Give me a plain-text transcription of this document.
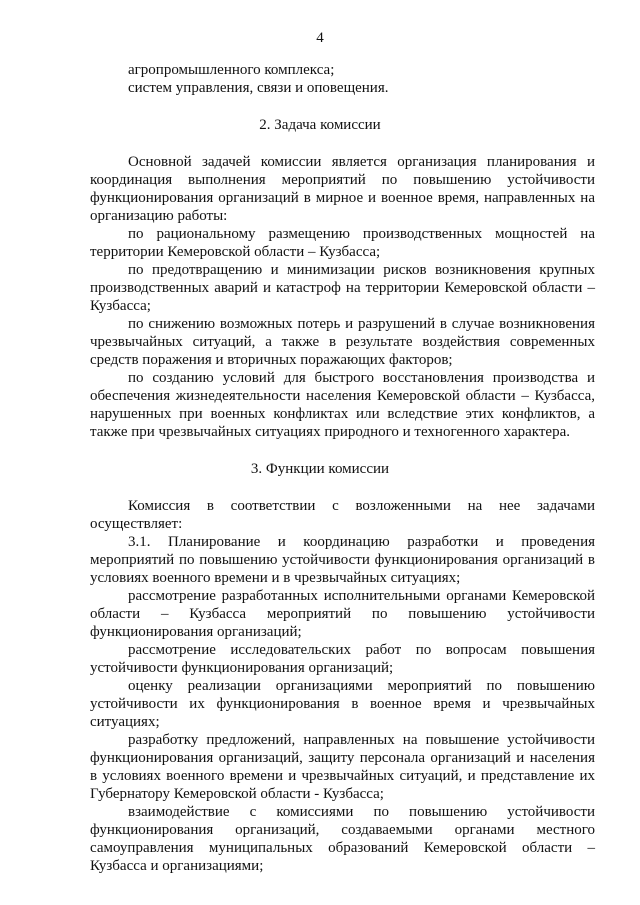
4
агропромышленного комплекса;
систем управления, связи и оповещения.
2. Задача комиссии
Основной задачей комиссии является организация планирования и
координация выполнения мероприятий по повышению устойчивости
функционирования организаций в мирное и военное время, направленных на
организацию работы:
по рациональному размещению производственных мощностей на
территории Кемеровской области – Кузбасса;
по предотвращению и минимизации рисков возникновения крупных
производственных аварий и катастроф на территории Кемеровской области –
Кузбасса;
по снижению возможных потерь и разрушений в случае возникновения
чрезвычайных ситуаций, а также в результате воздействия современных
средств поражения и вторичных поражающих факторов;
по созданию условий для быстрого восстановления производства и
обеспечения жизнедеятельности населения Кемеровской области – Кузбасса,
нарушенных при военных конфликтах или вследствие этих конфликтов, а
также при чрезвычайных ситуациях природного и техногенного характера.
3. Функции комиссии
Комиссия в соответствии с возложенными на нее задачами
осуществляет:
3.1. Планирование и координацию разработки и проведения
мероприятий по повышению устойчивости функционирования организаций в
условиях военного времени и в чрезвычайных ситуациях;
рассмотрение разработанных исполнительными органами Кемеровской
области – Кузбасса мероприятий по повышению устойчивости
функционирования организаций;
рассмотрение исследовательских работ по вопросам повышения
устойчивости функционирования организаций;
оценку реализации организациями мероприятий по повышению
устойчивости их функционирования в военное время и чрезвычайных
ситуациях;
разработку предложений, направленных на повышение устойчивости
функционирования организаций, защиту персонала организаций и населения
в условиях военного времени и чрезвычайных ситуаций, и представление их
Губернатору Кемеровской области - Кузбасса;
взаимодействие с комиссиями по повышению устойчивости
функционирования организаций, создаваемыми органами местного
самоуправления муниципальных образований Кемеровской области –
Кузбасса и организациями;
